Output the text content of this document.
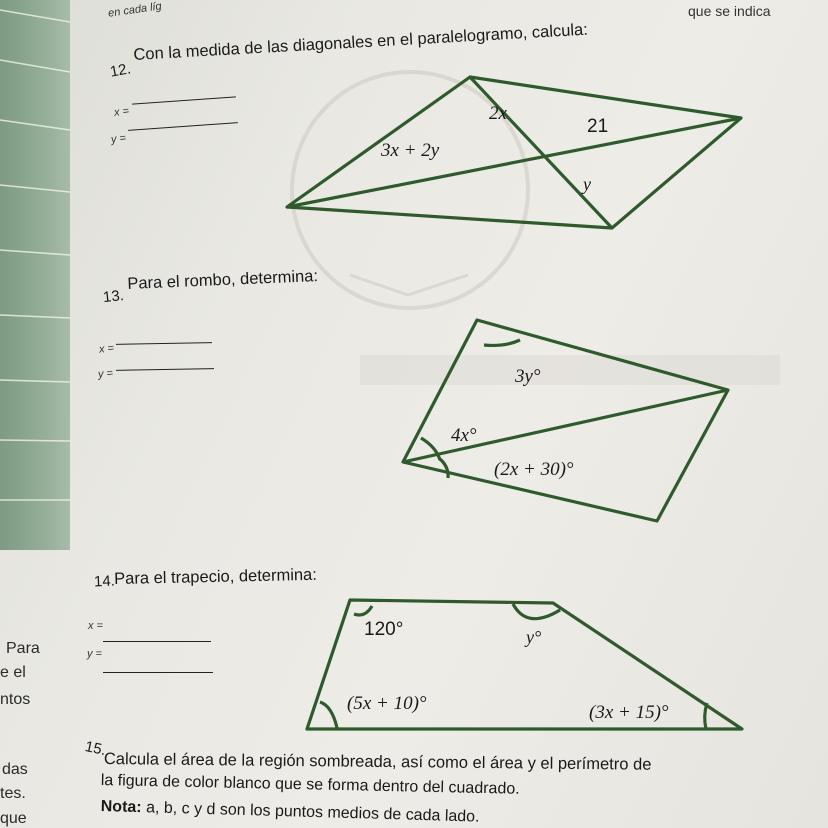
en cada líg	que se indica
12.
Con la medida de las diagonales en el paralelogramo, calcula:
x =
y =
2x
21
3x + 2y
y
13.
Para el rombo, determina:
x =
y =	3y°
4x°
(2x + 30)°
14.
Para el trapecio, determina:
x =
y =
120°	y°
(5x + 10)°	(3x + 15)°
15.
Calcula el área de la región sombreada, así como el área y el perímetro de
la figura de color blanco que se forma dentro del cuadrado.
Nota: a, b, c y d son los puntos medios de cada lado.
Para
e el
ntos
das
tes.
que
